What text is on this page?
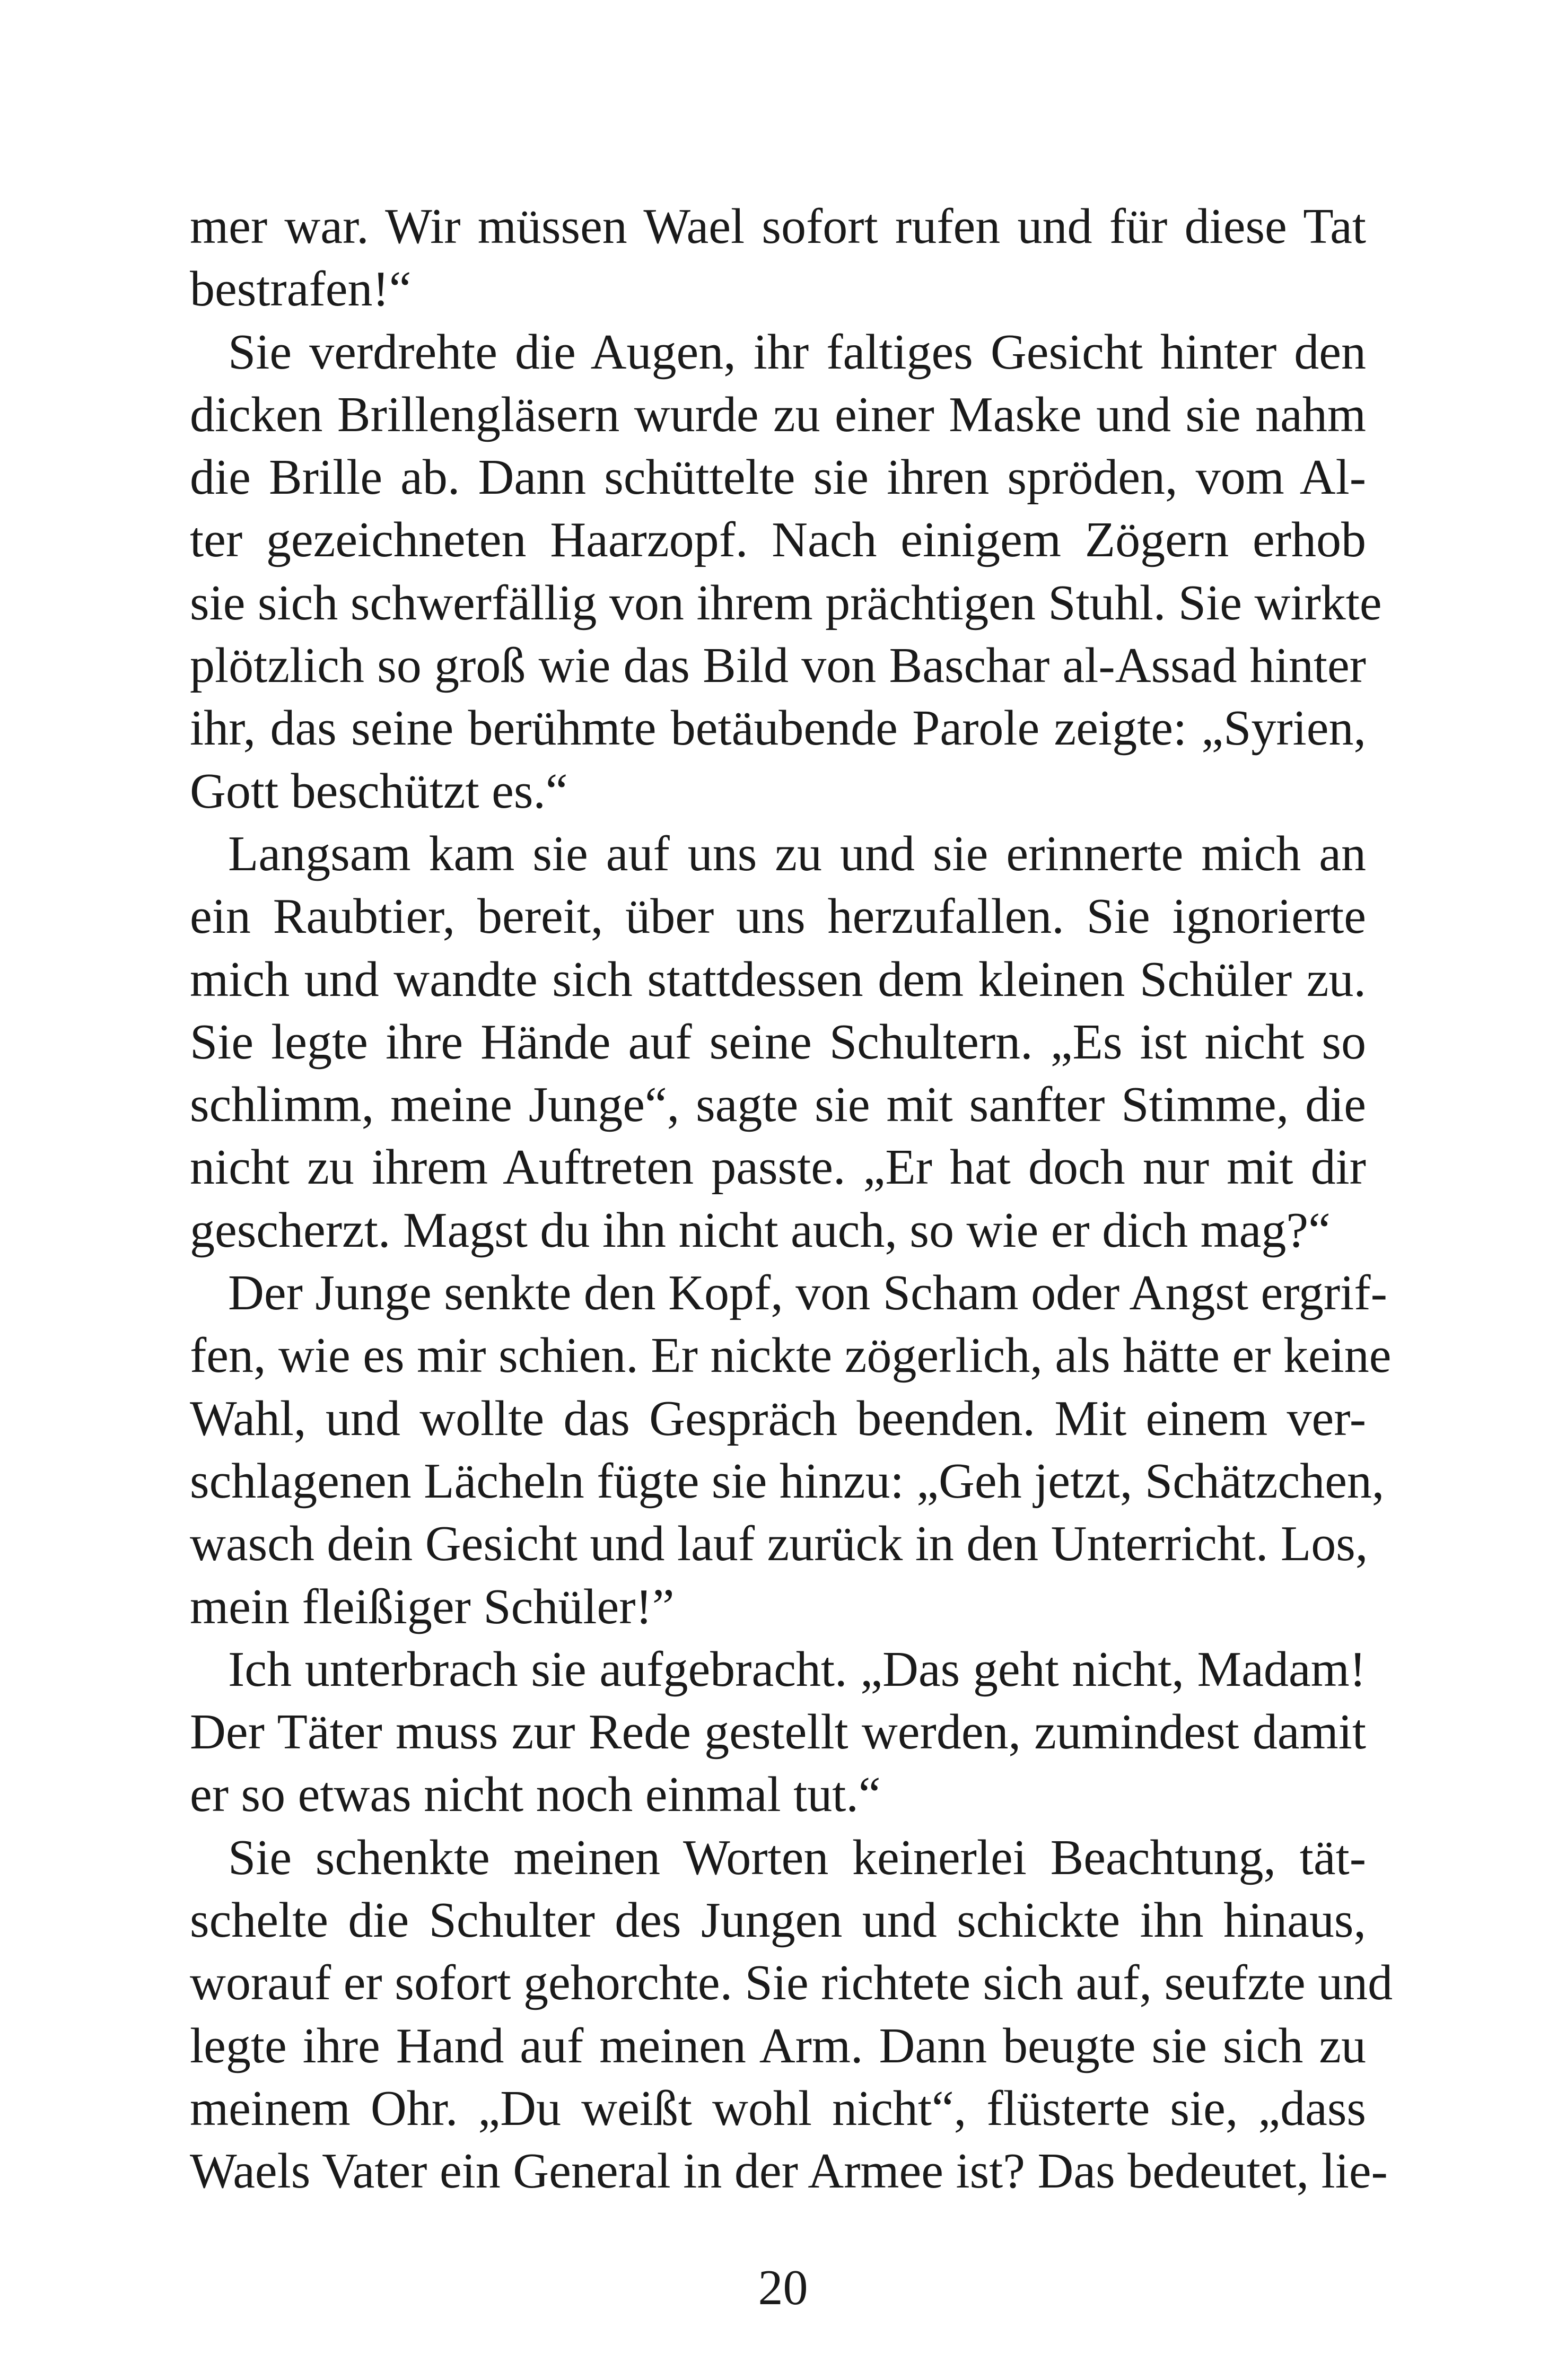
mer war. Wir müssen Wael sofort rufen und für diese Tat
bestrafen!“
Sie verdrehte die Augen, ihr faltiges Gesicht hinter den
dicken Brillengläsern wurde zu einer Maske und sie nahm
die Brille ab. Dann schüttelte sie ihren spröden, vom Al-
ter gezeichneten Haarzopf. Nach einigem Zögern erhob
sie sich schwerfällig von ihrem prächtigen Stuhl. Sie wirkte
plötzlich so groß wie das Bild von Baschar al-Assad hinter
ihr, das seine berühmte betäubende Parole zeigte: „Syrien,
Gott beschützt es.“
Langsam kam sie auf uns zu und sie erinnerte mich an
ein Raubtier, bereit, über uns herzufallen. Sie ignorierte
mich und wandte sich stattdessen dem kleinen Schüler zu.
Sie legte ihre Hände auf seine Schultern. „Es ist nicht so
schlimm, meine Junge“, sagte sie mit sanfter Stimme, die
nicht zu ihrem Auftreten passte. „Er hat doch nur mit dir
gescherzt. Magst du ihn nicht auch, so wie er dich mag?“
Der Junge senkte den Kopf, von Scham oder Angst ergrif-
fen, wie es mir schien. Er nickte zögerlich, als hätte er keine
Wahl, und wollte das Gespräch beenden. Mit einem ver-
schlagenen Lächeln fügte sie hinzu: „Geh jetzt, Schätzchen,
wasch dein Gesicht und lauf zurück in den Unterricht. Los,
mein fleißiger Schüler!”
Ich unterbrach sie aufgebracht. „Das geht nicht, Madam!
Der Täter muss zur Rede gestellt werden, zumindest damit
er so etwas nicht noch einmal tut.“
Sie schenkte meinen Worten keinerlei Beachtung, tät-
schelte die Schulter des Jungen und schickte ihn hinaus,
worauf er sofort gehorchte. Sie richtete sich auf, seufzte und
legte ihre Hand auf meinen Arm. Dann beugte sie sich zu
meinem Ohr. „Du weißt wohl nicht“, flüsterte sie, „dass
Waels Vater ein General in der Armee ist? Das bedeutet, lie-
20
